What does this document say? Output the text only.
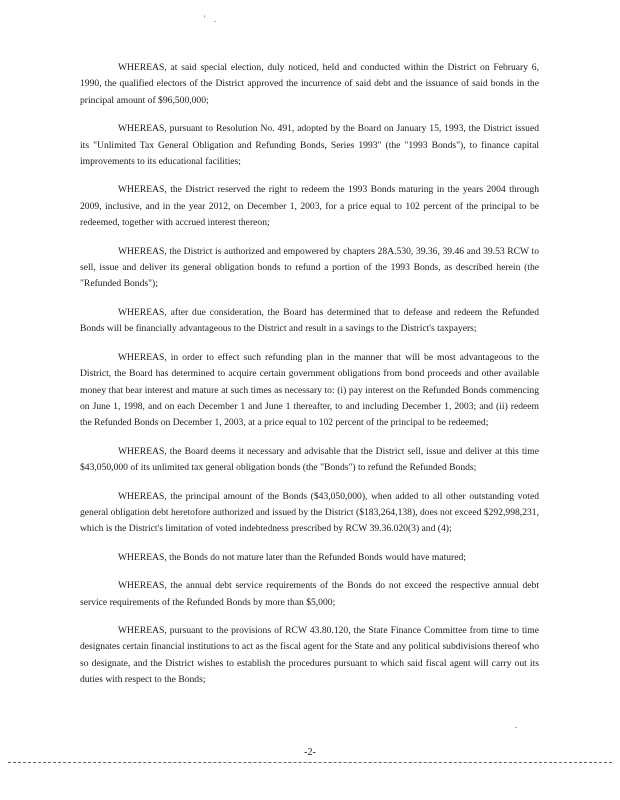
' .

WHEREAS, at said special election, duly noticed, held and conducted within the District on February 6, 1990, the qualified electors of the District approved the incurrence of said debt and the issuance of said bonds in the principal amount of $96,500,000;

WHEREAS, pursuant to Resolution No. 491, adopted by the Board on January 15, 1993, the District issued its "Unlimited Tax General Obligation and Refunding Bonds, Series 1993" (the "1993 Bonds"), to finance capital improvements to its educational facilities;

WHEREAS, the District reserved the right to redeem the 1993 Bonds maturing in the years 2004 through 2009, inclusive, and in the year 2012, on December 1, 2003, for a price equal to 102 percent of the principal to be redeemed, together with accrued interest thereon;

WHEREAS, the District is authorized and empowered by chapters 28A.530, 39.36, 39.46 and 39.53 RCW to sell, issue and deliver its general obligation bonds to refund a portion of the 1993 Bonds, as described herein (the "Refunded Bonds");

WHEREAS, after due consideration, the Board has determined that to defease and redeem the Refunded Bonds will be financially advantageous to the District and result in a savings to the District's taxpayers;

WHEREAS, in order to effect such refunding plan in the manner that will be most advantageous to the District, the Board has determined to acquire certain government obligations from bond proceeds and other available money that bear interest and mature at such times as necessary to: (i) pay interest on the Refunded Bonds commencing on June 1, 1998, and on each December 1 and June 1 thereafter, to and including December 1, 2003; and (ii) redeem the Refunded Bonds on December 1, 2003, at a price equal to 102 percent of the principal to be redeemed;

WHEREAS, the Board deems it necessary and advisable that the District sell, issue and deliver at this time $43,050,000 of its unlimited tax general obligation bonds (the "Bonds") to refund the Refunded Bonds;

WHEREAS, the principal amount of the Bonds ($43,050,000), when added to all other outstanding voted general obligation debt heretofore authorized and issued by the District ($183,264,138), does not exceed $292,998,231, which is the District's limitation of voted indebtedness prescribed by RCW 39.36.020(3) and (4);

WHEREAS, the Bonds do not mature later than the Refunded Bonds would have matured;

WHEREAS, the annual debt service requirements of the Bonds do not exceed the respective annual debt service requirements of the Refunded Bonds by more than $5,000;

WHEREAS, pursuant to the provisions of RCW 43.80.120, the State Finance Committee from time to time designates certain financial institutions to act as the fiscal agent for the State and any political subdivisions thereof who so designate, and the District wishes to establish the procedures pursuant to which said fiscal agent will carry out its duties with respect to the Bonds;

.
-2-
